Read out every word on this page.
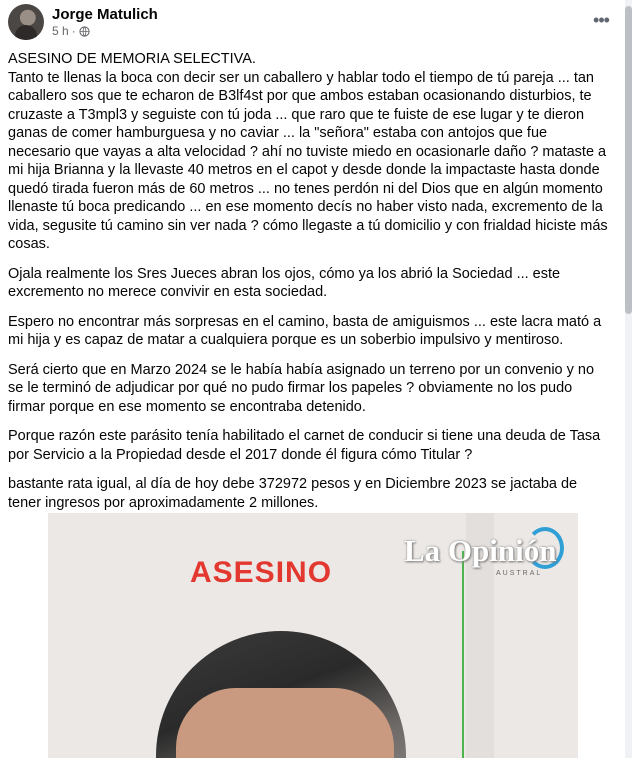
Jorge Matulich
5 h ·
•••

ASESINO DE MEMORIA SELECTIVA.
Tanto te llenas la boca con decir ser un caballero y hablar todo el tiempo de tú pareja ... tan caballero sos que te echaron de B3lf4st por que ambos estaban ocasionando disturbios, te cruzaste a T3mpl3 y seguiste con tú joda ... que raro que te fuiste de ese lugar y te dieron ganas de comer hamburguesa y no caviar ... la "señora" estaba con antojos que fue necesario que vayas a alta velocidad ? ahí no tuviste miedo en ocasionarle daño ? mataste a mi hija Brianna y la llevaste 40 metros en el capot y desde donde la impactaste hasta donde quedó tirada fueron más de 60 metros ... no tenes perdón ni del Dios que en algún momento llenaste tú boca predicando ... en ese momento decís no haber visto nada, excremento de la vida, segusite tú camino sin ver nada ? cómo llegaste a tú domicilio y con frialdad hiciste más cosas.

Ojala realmente los Sres Jueces abran los ojos, cómo ya los abrió la Sociedad ... este excremento no merece convivir en esta sociedad.

Espero no encontrar más sorpresas en el camino, basta de amiguismos ... este lacra mató a mi hija y es capaz de matar a cualquiera porque es un soberbio impulsivo y mentiroso.

Será cierto que en Marzo 2024 se le había había asignado un terreno por un convenio y no se le terminó de adjudicar por qué no pudo firmar los papeles ? obviamente no los pudo firmar porque en ese momento se encontraba detenido.

Porque razón este parásito tenía habilitado el carnet de conducir si tiene una deuda de Tasa por Servicio a la Propiedad desde el 2017 donde él figura cómo Titular ?

bastante rata igual, al día de hoy debe 372972 pesos y en Diciembre 2023 se jactaba de tener ingresos por aproximadamente 2 millones.

ASESINO
La Opinión
AUSTRAL
